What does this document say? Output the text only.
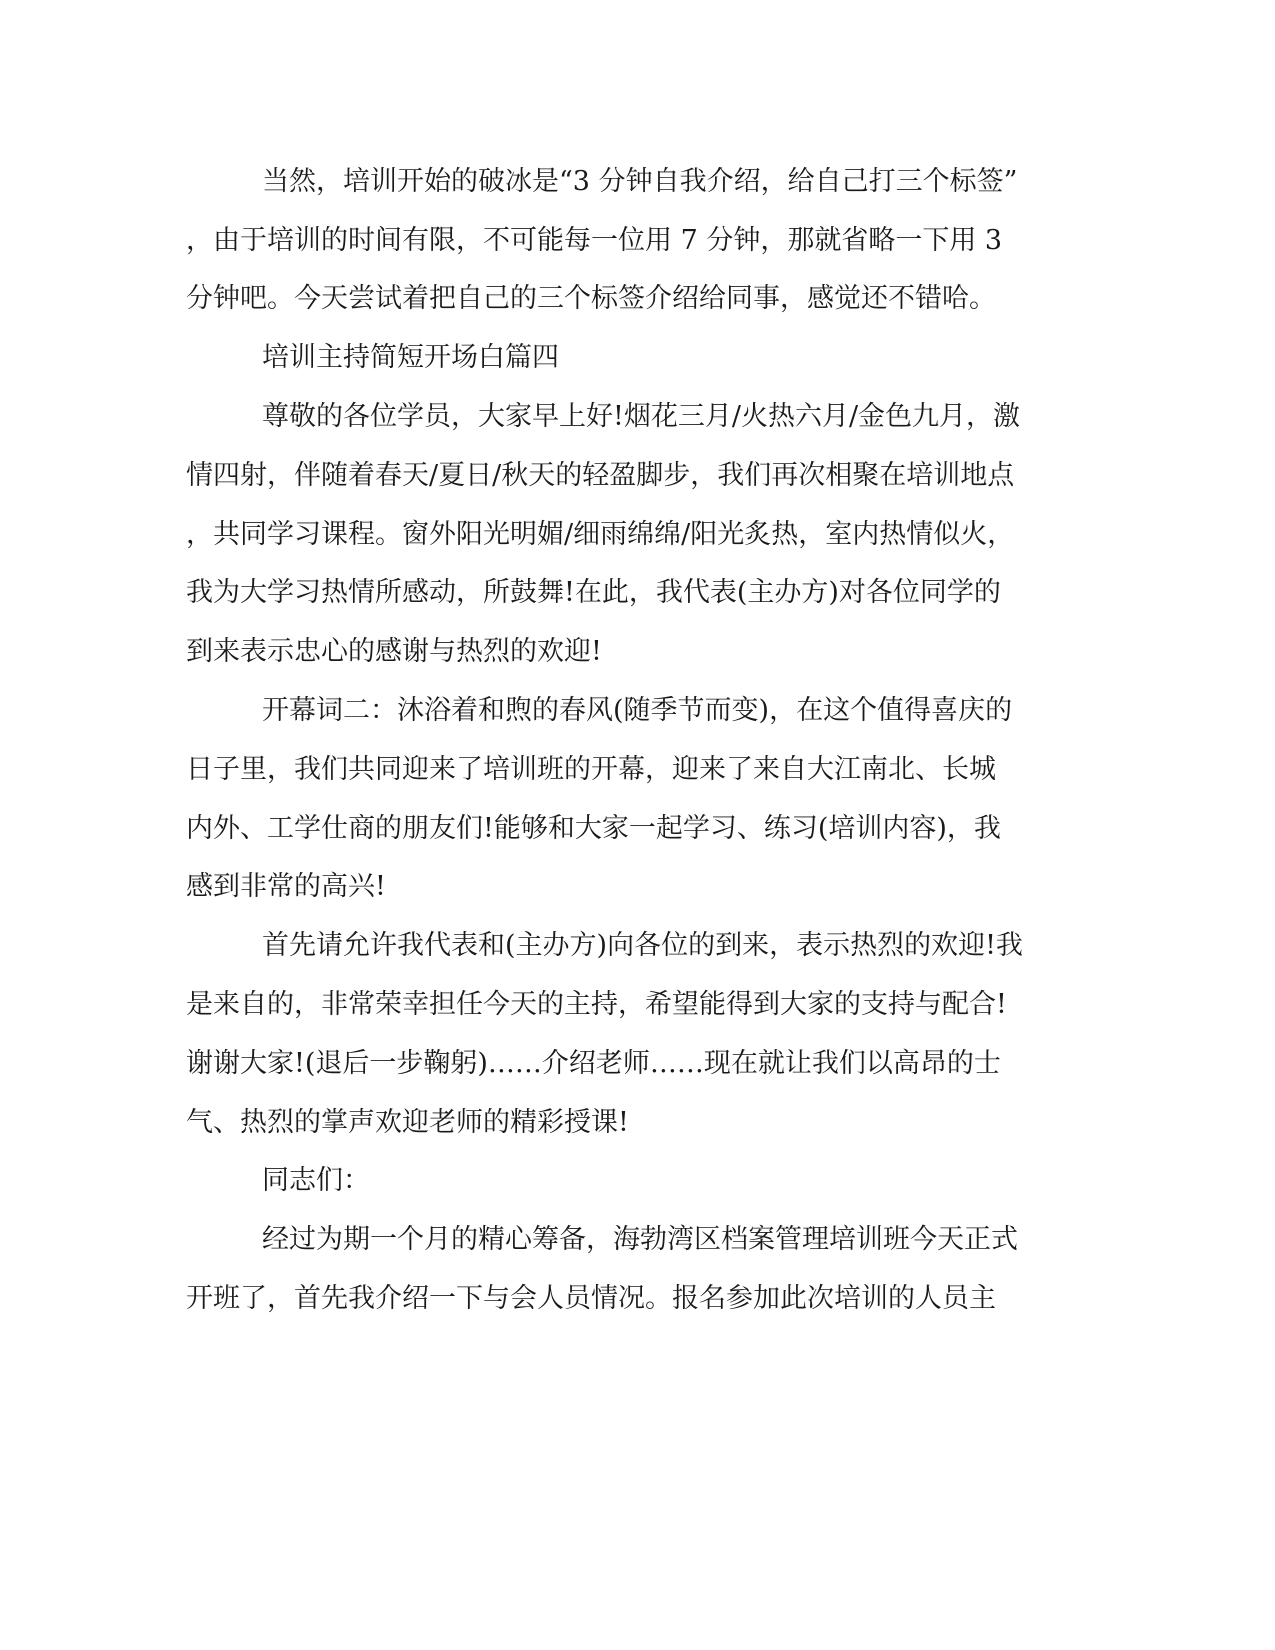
当然，培训开始的破冰是“3 分钟自我介绍，给自己打三个标签”
，由于培训的时间有限，不可能每一位用 7 分钟，那就省略一下用 3
分钟吧。今天尝试着把自己的三个标签介绍给同事，感觉还不错哈。
培训主持简短开场白篇四
尊敬的各位学员，大家早上好!烟花三月/火热六月/金色九月，激
情四射，伴随着春天/夏日/秋天的轻盈脚步，我们再次相聚在培训地点
，共同学习课程。窗外阳光明媚/细雨绵绵/阳光炙热，室内热情似火，
我为大学习热情所感动，所鼓舞!在此，我代表(主办方)对各位同学的
到来表示忠心的感谢与热烈的欢迎!
开幕词二：沐浴着和煦的春风(随季节而变)，在这个值得喜庆的
日子里，我们共同迎来了培训班的开幕，迎来了来自大江南北、长城
内外、工学仕商的朋友们!能够和大家一起学习、练习(培训内容)，我
感到非常的高兴!
首先请允许我代表和(主办方)向各位的到来，表示热烈的欢迎!我
是来自的，非常荣幸担任今天的主持，希望能得到大家的支持与配合!
谢谢大家!(退后一步鞠躬)……介绍老师……现在就让我们以高昂的士
气、热烈的掌声欢迎老师的精彩授课!
同志们：
经过为期一个月的精心筹备，海勃湾区档案管理培训班今天正式
开班了，首先我介绍一下与会人员情况。报名参加此次培训的人员主
